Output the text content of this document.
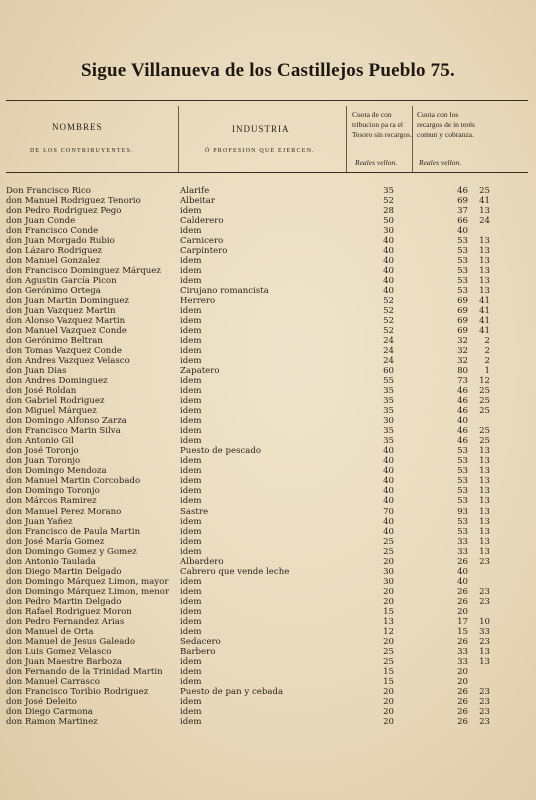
Sigue Villanueva de los Castillejos Pueblo 75.
NOMBRES
DE LOS CONTRIBUYENTES.
INDUSTRIA
Ó PROFESION QUE EJERCEN.
Cuota de con tribucion pa ra el Tesoro sin recargos.
Cuota con los recargos de in terés comun y cobranza.
Reales vellon.	Reales vellon.
Don Francisco Rico	Alarife	35	46 25
don Manuel Rodriguez Tenorio	Albeitar	52	69 41
don Pedro Rodriguez Pego	idem	28	37 13
don Juan Conde	Calderero	50	66 24
don Francisco Conde	idem	30	40
don Juan Morgado Rubio	Carnicero	40	53 13
don Lázaro Rodriguez	Carpintero	40	53 13
don Manuel Gonzalez	idem	40	53 13
don Francisco Dominguez Márquez idem	40	53 13
don Agustin García Picon	idem	40	53 13
don Gerónimo Ortega	Cirujano romancista	40	53 13
don Juan Martin Dominguez	Herrero	52	69 41
don Juan Vazquez Martin	idem	52	69 41
don Alonso Vazquez Martin	idem	52	69 41
don Manuel Vazquez Conde	idem	52	69 41
don Gerónimo Beltran	idem	24	32	2
don Tomas Vazquez Conde	idem	24	32	2
don Andres Vazquez Velasco	idem	24	32	2
don Juan Dias	Zapatero	60	80	1
don Andres Dominguez	idem	55	73 12
don José Roldan	idem	35	46 25
don Gabriel Rodriguez	idem	35	46 25
don Miguel Márquez	idem	35	46 25
don Domingo Alfonso Zarza	idem	30	40
don Francisco Marin Silva	idem	35	46 25
don Antonio Gil	idem	35	46 25
don José Toronjo	Puesto de pescado	40	53 13
don Juan Toronjo	idem	40	53 13
don Domingo Mendoza	idem	40	53 13
don Manuel Martin Corcobado	idem	40	53 13
don Domingo Toronjo	idem	40	53 13
don Márcos Ramirez	idem	40	53 13
don Manuel Perez Morano	Sastre	70	93 13
don Juan Yañez	idem	40	53 13
don Francisco de Paula Martin	idem	40	53 13
don José María Gomez	idem	25	33 13
don Domingo Gomez y Gomez	idem	25	33 13
don Antonio Taulada	Albardero	20	26 23
don Diego Martin Delgado	Cabrero que vende leche	30	40
don Domingo Márquez Limon, mayor idem	30	40
don Domingo Márquez Limon, menor idem	20	26 23
don Pedro Martin Delgado	idem	20	26 23
don Rafael Rodriguez Moron	idem	15	20
don Pedro Fernandez Arias	idem	13	17 10
don Manuel de Orta	idem	12	15 33
don Manuel de Jesus Galeado	Sedacero	20	26 23
don Luis Gomez Velasco	Barbero	25	33 13
don Juan Maestre Barboza	idem	25	33 13
don Fernando de la Trinidad Martin idem	15	20
don Manuel Carrasco	idem	15	20
don Francisco Toribio Rodriguez	Puesto de pan y cebada	20	26 23
don José Deleito	idem	20	26 23
don Diego Carmona	idem	20	26 23
don Ramon Martinez	idem	20	26 23
